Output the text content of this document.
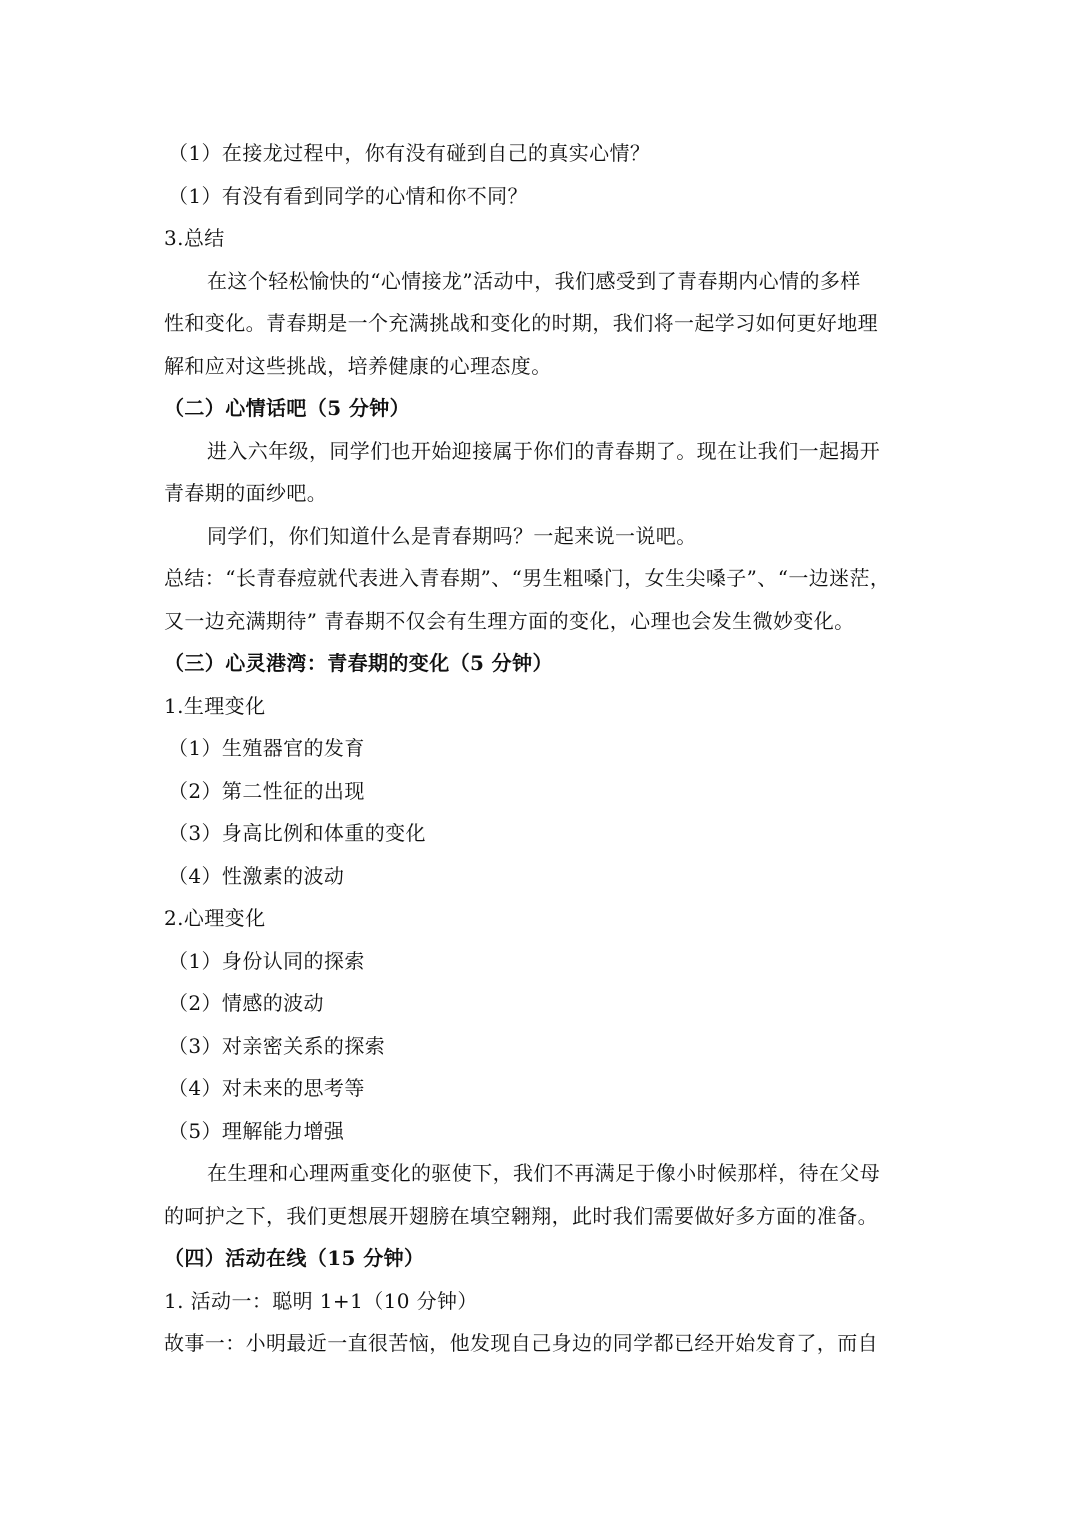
（1）在接龙过程中，你有没有碰到自己的真实心情？

（1）有没有看到同学的心情和你不同？

3.总结

在这个轻松愉快的“心情接龙”活动中，我们感受到了青春期内心情的多样

性和变化。青春期是一个充满挑战和变化的时期，我们将一起学习如何更好地理

解和应对这些挑战，培养健康的心理态度。

（二）心情话吧（5 分钟）

进入六年级，同学们也开始迎接属于你们的青春期了。现在让我们一起揭开

青春期的面纱吧。

同学们，你们知道什么是青春期吗？一起来说一说吧。

总结：“长青春痘就代表进入青春期”、“男生粗嗓门，女生尖嗓子”、“一边迷茫，

又一边充满期待” 青春期不仅会有生理方面的变化，心理也会发生微妙变化。

（三）心灵港湾：青春期的变化（5 分钟）

1.生理变化

（1）生殖器官的发育

（2）第二性征的出现

（3）身高比例和体重的变化

（4）性激素的波动

2.心理变化

（1）身份认同的探索

（2）情感的波动

（3）对亲密关系的探索

（4）对未来的思考等

（5）理解能力增强

在生理和心理两重变化的驱使下，我们不再满足于像小时候那样，待在父母

的呵护之下，我们更想展开翅膀在填空翱翔，此时我们需要做好多方面的准备。

（四）活动在线（15 分钟）

1. 活动一：聪明 1+1（10 分钟）

故事一：小明最近一直很苦恼，他发现自己身边的同学都已经开始发育了，而自
